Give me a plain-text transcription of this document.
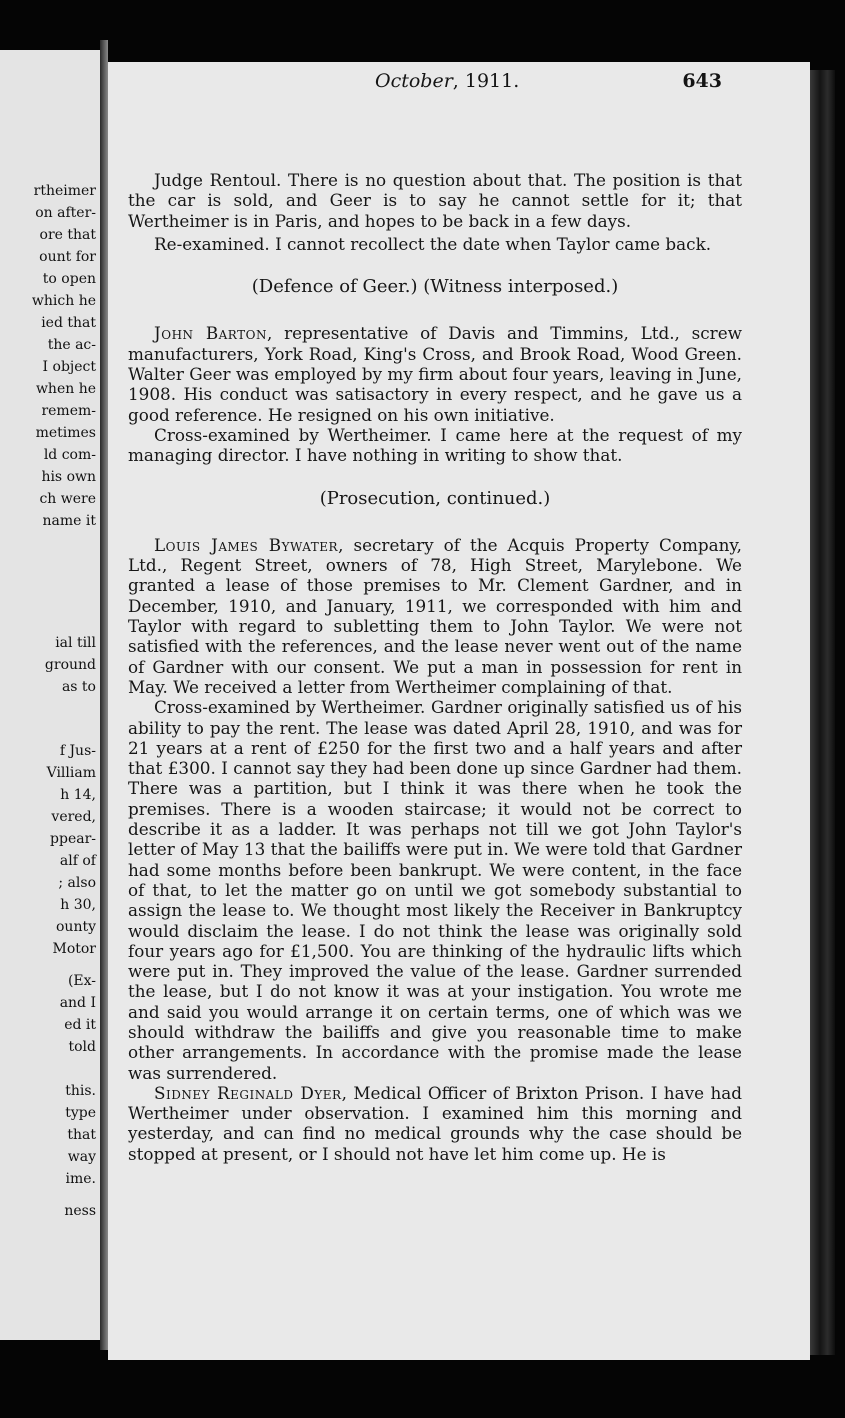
rtheimer
on after-
ore that
ount for
to open
which he
ied that
the ac-
I object
when he
remem-
metimes
ld com-
his own
ch were
name it
ial till
ground
as to
f Jus-
Villiam
h 14,
vered,
ppear-
alf of
; also
h 30,
ounty
Motor
(Ex-
and I
ed it
told
this.
type
that
way
ime.
ness
October, 1911.	643

Judge Rentoul. There is no question about that. The position is that the car is sold, and Geer is to say he cannot settle for it; that Wertheimer is in Paris, and hopes to be back in a few days.

Re-examined. I cannot recollect the date when Taylor came back.

(Defence of Geer.) (Witness interposed.)

John Barton, representative of Davis and Timmins, Ltd., screw manufacturers, York Road, King's Cross, and Brook Road, Wood Green. Walter Geer was employed by my firm about four years, leaving in June, 1908. His conduct was satisactory in every respect, and he gave us a good reference. He resigned on his own initiative.

Cross-examined by Wertheimer. I came here at the request of my managing director. I have nothing in writing to show that.

(Prosecution, continued.)

Louis James Bywater, secretary of the Acquis Property Company, Ltd., Regent Street, owners of 78, High Street, Marylebone. We granted a lease of those premises to Mr. Clement Gardner, and in December, 1910, and January, 1911, we corresponded with him and Taylor with regard to subletting them to John Taylor. We were not satisfied with the references, and the lease never went out of the name of Gardner with our consent. We put a man in possession for rent in May. We received a letter from Wertheimer complaining of that.

Cross-examined by Wertheimer. Gardner originally satisfied us of his ability to pay the rent. The lease was dated April 28, 1910, and was for 21 years at a rent of £250 for the first two and a half years and after that £300. I cannot say they had been done up since Gardner had them. There was a partition, but I think it was there when he took the premises. There is a wooden staircase; it would not be correct to describe it as a ladder. It was perhaps not till we got John Taylor's letter of May 13 that the bailiffs were put in. We were told that Gardner had some months before been bankrupt. We were content, in the face of that, to let the matter go on until we got somebody substantial to assign the lease to. We thought most likely the Receiver in Bankruptcy would disclaim the lease. I do not think the lease was originally sold four years ago for £1,500. You are thinking of the hydraulic lifts which were put in. They improved the value of the lease. Gardner surrended the lease, but I do not know it was at your instigation. You wrote me and said you would arrange it on certain terms, one of which was we should withdraw the bailiffs and give you reasonable time to make other arrangements. In accordance with the promise made the lease was surrendered.

Sidney Reginald Dyer, Medical Officer of Brixton Prison. I have had Wertheimer under observation. I examined him this morning and yesterday, and can find no medical grounds why the case should be stopped at present, or I should not have let him come up. He is
